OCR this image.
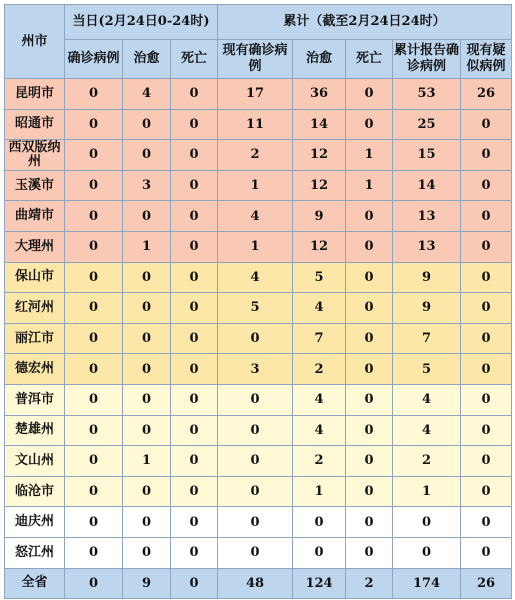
州市	当日(2月24日0-24时)			累计（截至2月24日24时）				
	确诊病例	治愈	死亡	现有确诊病例	治愈	死亡	累计报告确诊病例	现有疑似病例
昆明市	0	4	0	17	36	0	53	26
昭通市	0	0	0	11	14	0	25	0
西双版纳州	0	0	0	2	12	1	15	0
玉溪市	0	3	0	1	12	1	14	0
曲靖市	0	0	0	4	9	0	13	0
大理州	0	1	0	1	12	0	13	0
保山市	0	0	0	4	5	0	9	0
红河州	0	0	0	5	4	0	9	0
丽江市	0	0	0	0	7	0	7	0
德宏州	0	0	0	3	2	0	5	0
普洱市	0	0	0	0	4	0	4	0
楚雄州	0	0	0	0	4	0	4	0
文山州	0	1	0	0	2	0	2	0
临沧市	0	0	0	0	1	0	1	0
迪庆州	0	0	0	0	0	0	0	0
怒江州	0	0	0	0	0	0	0	0
全省	0	9	0	48	124	2	174	26
